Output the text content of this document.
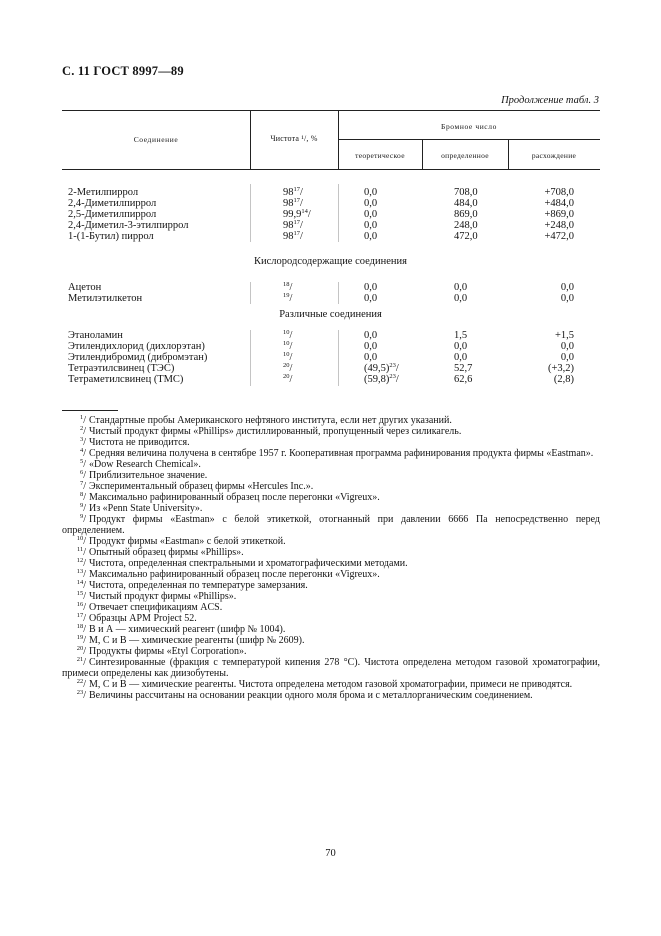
С. 11 ГОСТ 8997—89
Продолжение табл. 3
Соединение	Чистота ¹/, %
Бромное число
теоретическое	определенное	расхождение
2-Метилпиррол	$98^{17}/$	0,0	708,0	+708,0
2,4-Диметилпиррол	$98^{17}/$	0,0	484,0	+484,0
2,5-Диметилпиррол	99,9$^{14}$/	0,0	869,0	+869,0
2,4-Диметил-3-этилпиррол	$98^{17}/$	0,0	248,0	+248,0
1-(1-Бутил) пиррол	$98^{17}/$	0,0	472,0	+472,0
Кислородсодержащие соединения
Ацетон	$^{18}$/	0,0	0,0	0,0
Метилэтилкетон	$^{19}$/	0,0	0,0	0,0
Различные соединения
Этаноламин	$^{10}$/	0,0	1,5	+1,5
Этилендихлорид (дихлорэтан)	$^{10}$/	0,0	0,0	0,0
Этилендибромид (дибромэтан)	$^{10}$/	0,0	0,0	0,0
Тетраэтилсвинец (ТЭС)	$^{20}$/	$(49,5)^{23}/$	52,7	(+3,2)
Тетраметилсвинец (ТМС)	$^{20}$/	$(59,8)^{23}/$	62,6	(2,8)
$^1$/Стандартные пробы Американского нефтяного института, если нет других указаний.
$^2$/Чистый продукт фирмы «Phillips» дистиллированный, пропущенный через силикагель.
$^3$/Чистота не приводится.
$^4$/Средняя величина получена в сентябре 1957 г. Кооперативная программа рафинирования продукта фирмы «Eastman».
$^5$/«Dow Research Chemical».
$^6$/Приблизительное значение.
$^7$/Экспериментальный образец фирмы «Hercules Inc.».
$^8$/Максимально рафинированный образец после перегонки «Vigreux».
$^9$/Из «Penn State University».
$^9$/Продукт фирмы «Eastman» с белой этикеткой, отогнанный при давлении 6666 Па непосредственно перед определением.
$^{10}$/Продукт фирмы «Eastman» с белой этикеткой.
$^{11}$/Опытный образец фирмы «Phillips».
$^{12}$/Чистота, определенная спектральными и хроматографическими методами.
$^{13}$/Максимально рафинированный образец после перегонки «Vigreux».
$^{14}$/Чистота, определенная по температуре замерзания.
$^{15}$/Чистый продукт фирмы «Phillips».
$^{16}$/Отвечает спецификациям ACS.
$^{17}$/Образцы АРМ Project 52.
$^{18}$/В и А — химический реагент (шифр № 1004).
$^{19}$/М, С и В — химические реагенты (шифр № 2609).
$^{20}$/Продукты фирмы «Etyl Corporation».
$^{21}$/Синтезированные (фракция с температурой кипения 278 °С). Чистота определена методом газовой хроматографии, примеси определены как диизобутены.
$^{22}$/М, С и В — химические реагенты. Чистота определена методом газовой хроматографии, примеси не приводятся.
$^{23}$/Величины рассчитаны на основании реакции одного моля брома и с металлорганическим соединением.
70
